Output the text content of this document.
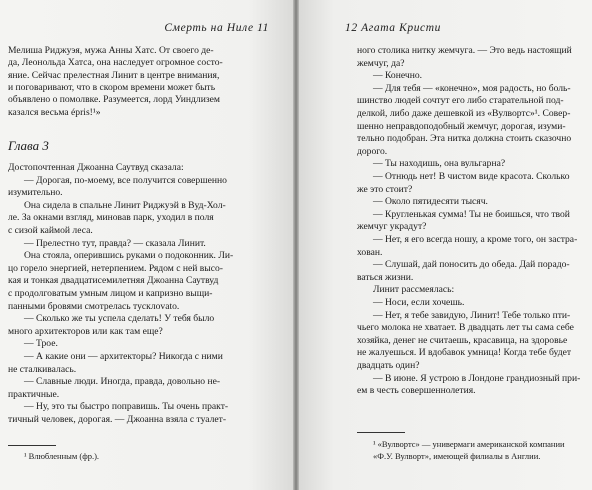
Смерть на Ниле 11
Мелиша Риджуэя, мужа Анны Хатс. От своего де-
да, Леонольда Хатса, она наследует огромное состо-
яние. Сейчас прелестная Линит в центре внимания,
и поговаривают, что в скором времени может быть
объявлено о помолвке. Разумеется, лорд Уиндлизем
казался весьма épris!¹»
Достопочтенная Джоанна Саутвуд сказала:
— Дорогая, по-моему, все получится совершенно
изумительно.
Она сидела в спальне Линит Риджуэй в Вуд-Хол-
ле. За окнами взгляд, миновав парк, уходил в поля
с сизой каймой леса.
— Прелестно тут, правда? — сказала Линит.
Она стояла, оперившись руками о подоконник. Ли-
цо горело энергией, нетерпением. Рядом с ней высо-
кая и тонкая двадцатисемилетняя Джоанна Саутвуд
с продолговатым умным лицом и капризно выщи-
панными бровями смотрелась тусклovato.
— Сколько же ты успела сделать! У тебя было
много архитекторов или как там еще?
— Трое.
— А какие они — архитекторы? Никогда с ними
не сталкивалась.
— Славные люди. Иногда, правда, довольно не-
практичные.
— Ну, это ты быстро поправишь. Ты очень практ-
тичный человек, дорогая. — Джоанна взяла с туалет-
Глава 3
¹ Влюбленным (фр.).
12 Агата Кристи
ного столика нитку жемчуга. — Это ведь настоящий
жемчуг, да?
— Конечно.
— Для тебя — «конечно», моя радость, но боль-
шинство людей сочтут его либо старательной под-
делкой, либо даже дешевкой из «Вулвортс»¹. Совер-
шенно неправдоподобный жемчуг, дорогая, изуми-
тельно подобран. Эта нитка должна стоить сказочно
дорого.
— Ты находишь, она вульгарна?
— Отнюдь нет! В чистом виде красота. Сколько
же это стоит?
— Около пятидесяти тысяч.
— Кругленькая сумма! Ты не боишься, что твой
жемчуг украдут?
— Нет, я его всегда ношу, а кроме того, он застра-
хован.
— Слушай, дай поносить до обеда. Дай порадо-
ваться жизни.
Линит рассмеялась:
— Носи, если хочешь.
— Нет, я тебе завидую, Линит! Тебе только пти-
чьего молока не хватает. В двадцать лет ты сама себе
хозяйка, денег не считаешь, красавица, на здоровье
не жалуешься. И вдобавок умница! Когда тебе будет
двадцать один?
— В июне. Я устрою в Лондоне грандиозный при-
ем в честь совершеннолетия.
¹ «Вулвортс» — универмаги американской компании
«Ф.У. Вулворт», имеющей филиалы в Англии.
